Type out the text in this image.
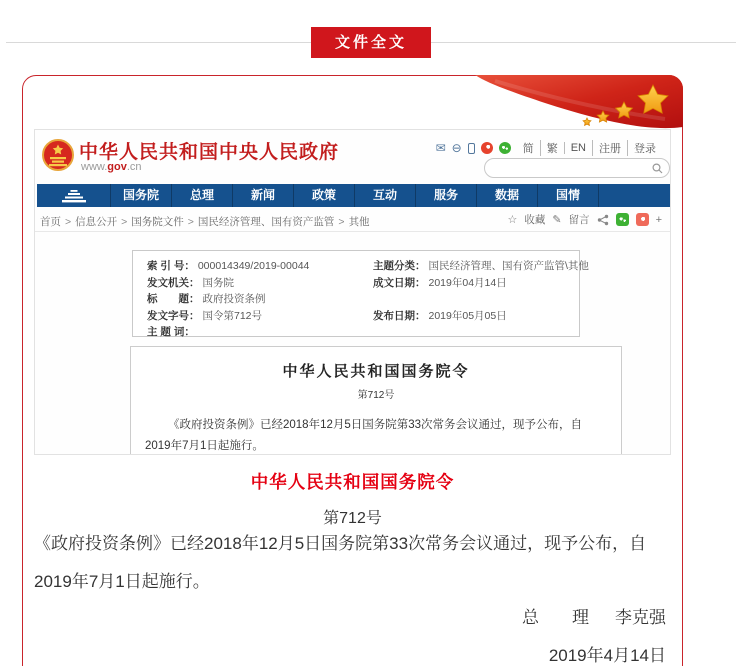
文件全文
中华人民共和国中央人民政府
www.gov.cn
✉ ⊖	简	繁	EN	注册	登录
国务院	总理	新闻	政策	互动	服务	数据	国情
首页 > 信息公开 > 国务院文件 > 国民经济管理、国有资产监管 > 其他	☆ 收藏 ✎ 留言	+
索 引 号： 000014349/2019-00044
发文机关： 国务院
标　　题： 政府投资条例
发文字号： 国令第712号
主 题 词：
主题分类： 国民经济管理、国有资产监管\其他
成文日期： 2019年04月14日
发布日期： 2019年05月05日
中华人民共和国国务院令
第712号
《政府投资条例》已经2018年12月5日国务院第33次常务会议通过，现予公布，自2019年7月1日起施行。
中华人民共和国国务院令
第712号
《政府投资条例》已经2018年12月5日国务院第33次常务会议通过，现予公布，自2019年7月1日起施行。
总　理 李克强
2019年4月14日
